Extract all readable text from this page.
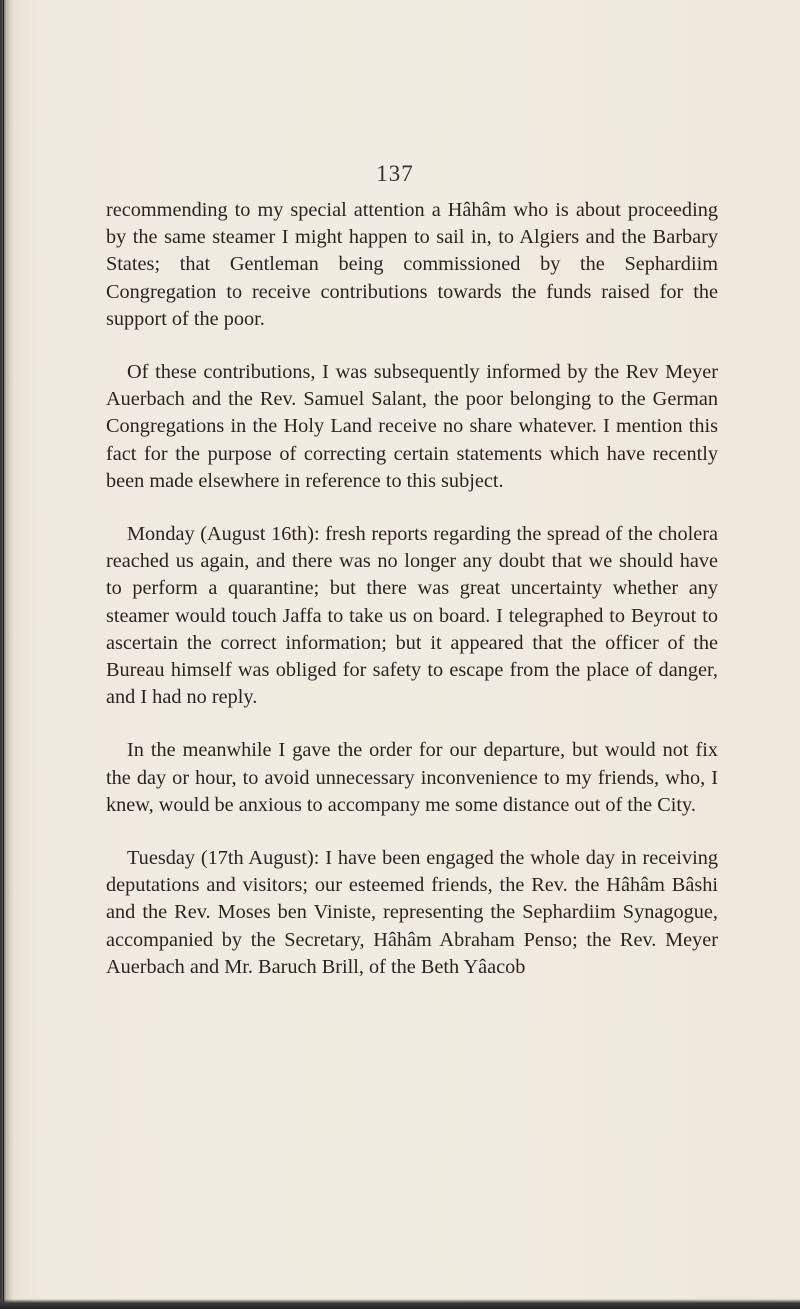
137

recommending to my special attention a Hâhâm who is about proceeding by the same steamer I might happen to sail in, to Algiers and the Barbary States; that Gentleman being commissioned by the Sephardiim Congregation to receive contributions towards the funds raised for the support of the poor.

Of these contributions, I was subsequently informed by the Rev Meyer Auerbach and the Rev. Samuel Salant, the poor belonging to the German Congregations in the Holy Land receive no share whatever. I mention this fact for the purpose of correcting certain statements which have recently been made elsewhere in reference to this subject.

Monday (August 16th): fresh reports regarding the spread of the cholera reached us again, and there was no longer any doubt that we should have to perform a quarantine; but there was great uncertainty whether any steamer would touch Jaffa to take us on board. I telegraphed to Beyrout to ascertain the correct information; but it appeared that the officer of the Bureau himself was obliged for safety to escape from the place of danger, and I had no reply.

In the meanwhile I gave the order for our departure, but would not fix the day or hour, to avoid unnecessary inconvenience to my friends, who, I knew, would be anxious to accompany me some distance out of the City.

Tuesday (17th August): I have been engaged the whole day in receiving deputations and visitors; our esteemed friends, the Rev. the Hâhâm Bâshi and the Rev. Moses ben Viniste, representing the Sephardiim Synagogue, accompanied by the Secretary, Hâhâm Abraham Penso; the Rev. Meyer Auerbach and Mr. Baruch Brill, of the Beth Yâacob
